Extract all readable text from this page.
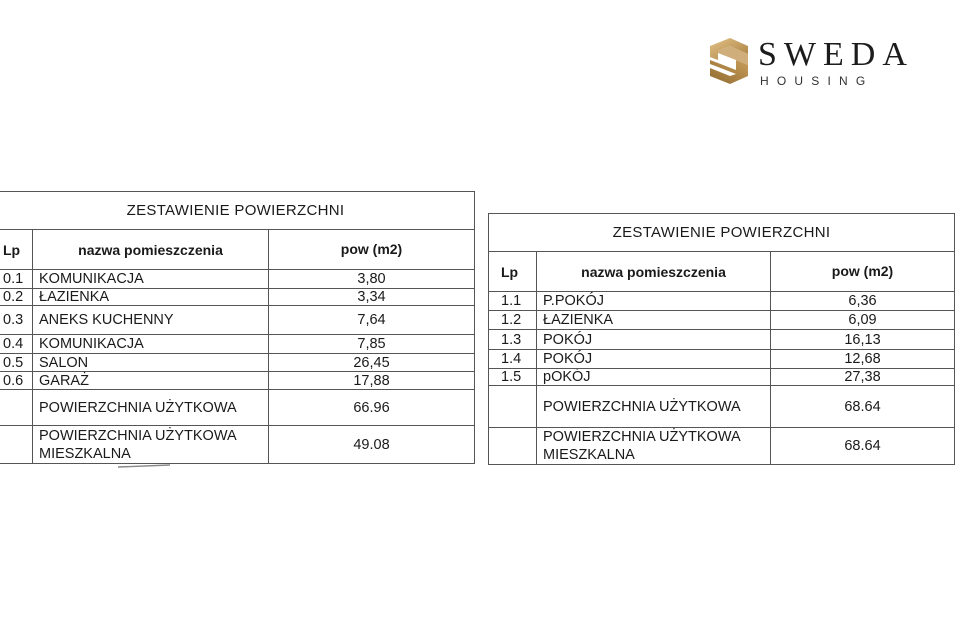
SWEDA
HOUSING
ZESTAWIENIE POWIERZCHNI		
Lp	nazwa pomieszczenia	pow (m2)
0.1	KOMUNIKACJA	3,80
0.2	ŁAZIENKA	3,34
0.3	ANEKS KUCHENNY	7,64
0.4	KOMUNIKACJA	7,85
0.5	SALON	26,45
0.6	GARAŻ	17,88
	POWIERZCHNIA UŻYTKOWA	66.96
	POWIERZCHNIA UŻYTKOWA MIESZKALNA	49.08
ZESTAWIENIE POWIERZCHNI		
Lp	nazwa pomieszczenia	pow (m2)
1.1	P.POKÓJ	6,36
1.2	ŁAZIENKA	6,09
1.3	POKÓJ	16,13
1.4	POKÓJ	12,68
1.5	pOKÓJ	27,38
	POWIERZCHNIA UŻYTKOWA	68.64
	POWIERZCHNIA UŻYTKOWA MIESZKALNA	68.64
